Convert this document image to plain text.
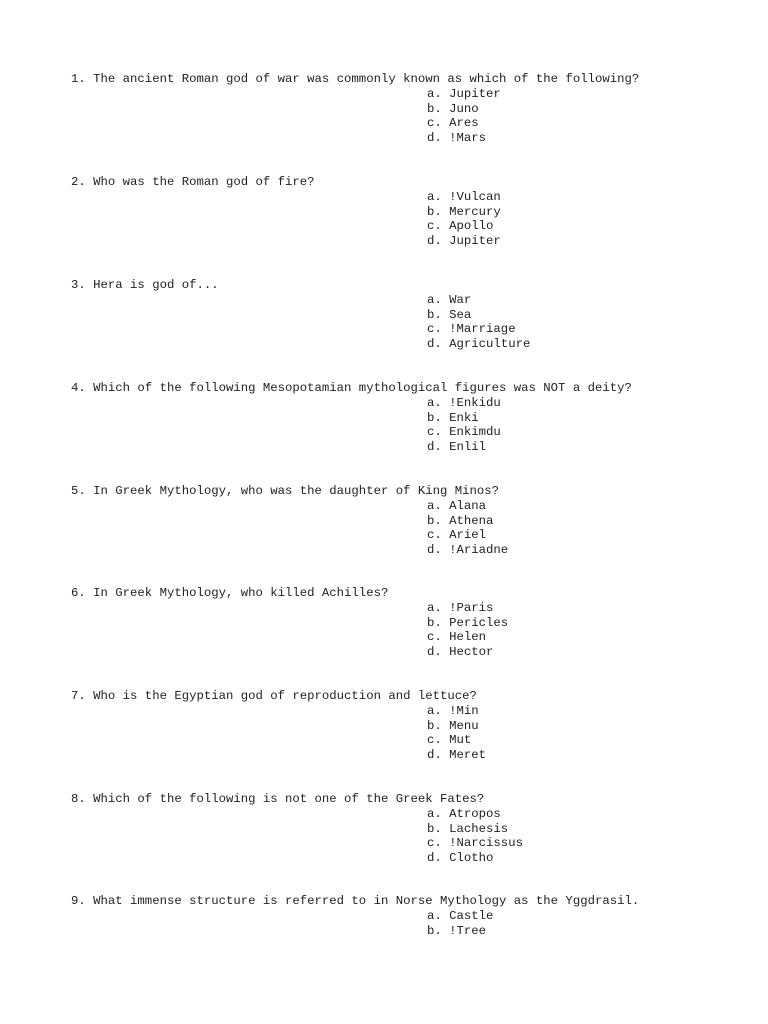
1. The ancient Roman god of war was commonly known as which of the following?
a. Jupiter
b. Juno
c. Ares
d. !Mars
2. Who was the Roman god of fire?
a. !Vulcan
b. Mercury
c. Apollo
d. Jupiter
3. Hera is god of...
a. War
b. Sea
c. !Marriage
d. Agriculture
4. Which of the following Mesopotamian mythological figures was NOT a deity?
a. !Enkidu
b. Enki
c. Enkimdu
d. Enlil
5. In Greek Mythology, who was the daughter of King Minos?
a. Alana
b. Athena
c. Ariel
d. !Ariadne
6. In Greek Mythology, who killed Achilles?
a. !Paris
b. Pericles
c. Helen
d. Hector
7. Who is the Egyptian god of reproduction and lettuce?
a. !Min
b. Menu
c. Mut
d. Meret
8. Which of the following is not one of the Greek Fates?
a. Atropos
b. Lachesis
c. !Narcissus
d. Clotho
9. What immense structure is referred to in Norse Mythology as the Yggdrasil.
a. Castle
b. !Tree
